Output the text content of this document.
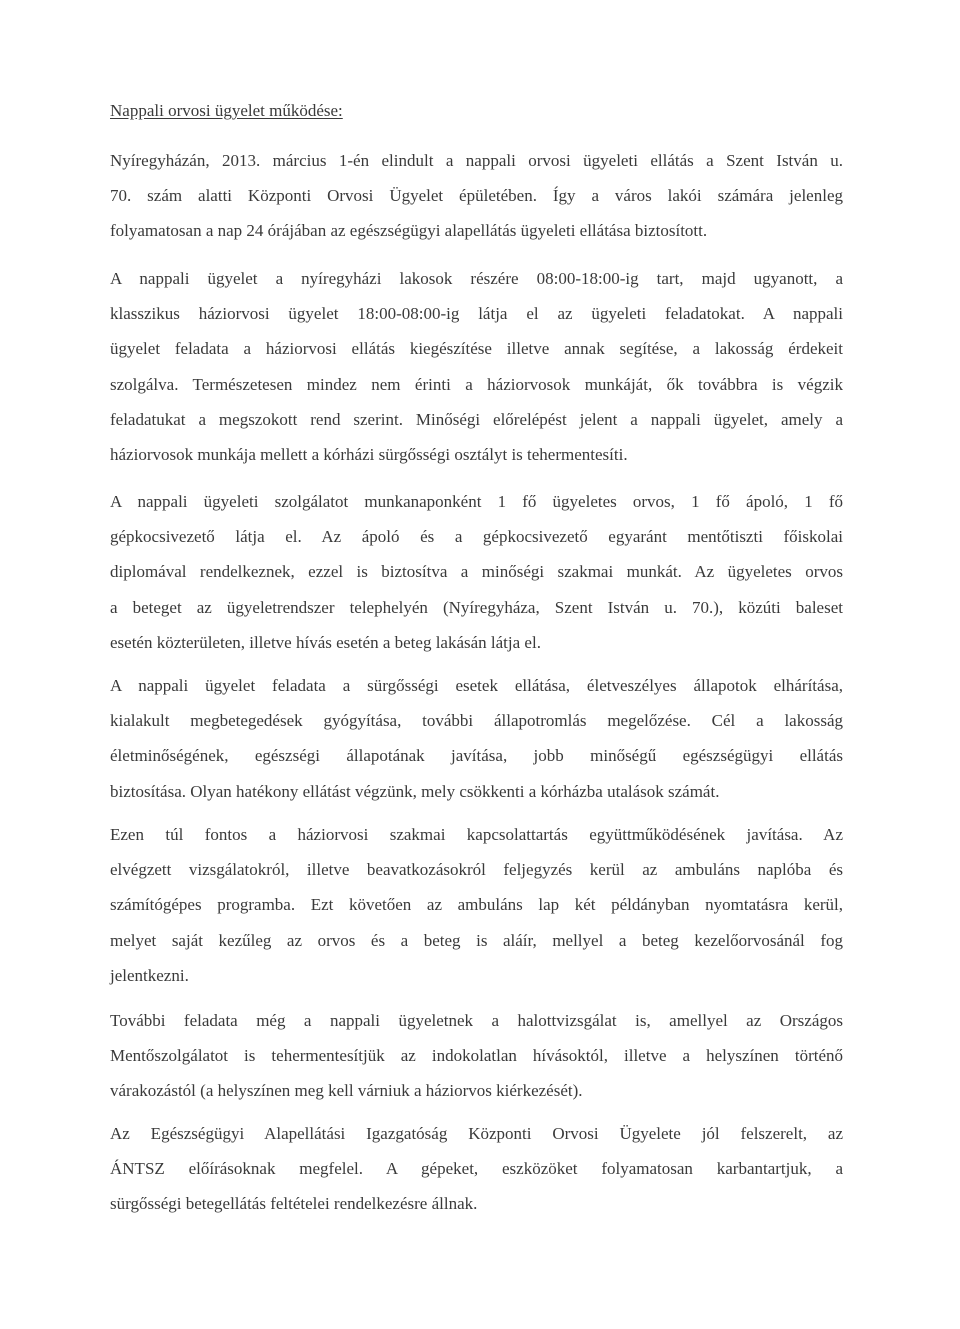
Nappali orvosi ügyelet működése:

Nyíregyházán, 2013. március 1-én elindult a nappali orvosi ügyeleti ellátás a Szent István u.
70. szám alatti Központi Orvosi Ügyelet épületében. Így a város lakói számára jelenleg
folyamatosan a nap 24 órájában az egészségügyi alapellátás ügyeleti ellátása biztosított.

A nappali ügyelet a nyíregyházi lakosok részére 08:00-18:00-ig tart, majd ugyanott, a
klasszikus háziorvosi ügyelet 18:00-08:00-ig látja el az ügyeleti feladatokat. A nappali
ügyelet feladata a háziorvosi ellátás kiegészítése illetve annak segítése, a lakosság érdekeit
szolgálva. Természetesen mindez nem érinti a háziorvosok munkáját, ők továbbra is végzik
feladatukat a megszokott rend szerint. Minőségi előrelépést jelent a nappali ügyelet, amely a
háziorvosok munkája mellett a kórházi sürgősségi osztályt is tehermentesíti.

A nappali ügyeleti szolgálatot munkanaponként 1 fő ügyeletes orvos, 1 fő ápoló, 1 fő
gépkocsivezető látja el. Az ápoló és a gépkocsivezető egyaránt mentőtiszti főiskolai
diplomával rendelkeznek, ezzel is biztosítva a minőségi szakmai munkát. Az ügyeletes orvos
a beteget az ügyeletrendszer telephelyén (Nyíregyháza, Szent István u. 70.), közúti baleset
esetén közterületen, illetve hívás esetén a beteg lakásán látja el.

A nappali ügyelet feladata a sürgősségi esetek ellátása, életveszélyes állapotok elhárítása,
kialakult megbetegedések gyógyítása, további állapotromlás megelőzése. Cél a lakosság
életminőségének, egészségi állapotának javítása, jobb minőségű egészségügyi ellátás
biztosítása. Olyan hatékony ellátást végzünk, mely csökkenti a kórházba utalások számát.

Ezen túl fontos a háziorvosi szakmai kapcsolattartás együttműködésének javítása. Az
elvégzett vizsgálatokról, illetve beavatkozásokról feljegyzés kerül az ambuláns naplóba és
számítógépes programba. Ezt követően az ambuláns lap két példányban nyomtatásra kerül,
melyet saját kezűleg az orvos és a beteg is aláír, mellyel a beteg kezelőorvosánál fog
jelentkezni.

További feladata még a nappali ügyeletnek a halottvizsgálat is, amellyel az Országos
Mentőszolgálatot is tehermentesítjük az indokolatlan hívásoktól, illetve a helyszínen történő
várakozástól (a helyszínen meg kell várniuk a háziorvos kiérkezését).

Az Egészségügyi Alapellátási Igazgatóság Központi Orvosi Ügyelete jól felszerelt, az
ÁNTSZ előírásoknak megfelel. A gépeket, eszközöket folyamatosan karbantartjuk, a
sürgősségi betegellátás feltételei rendelkezésre állnak.
